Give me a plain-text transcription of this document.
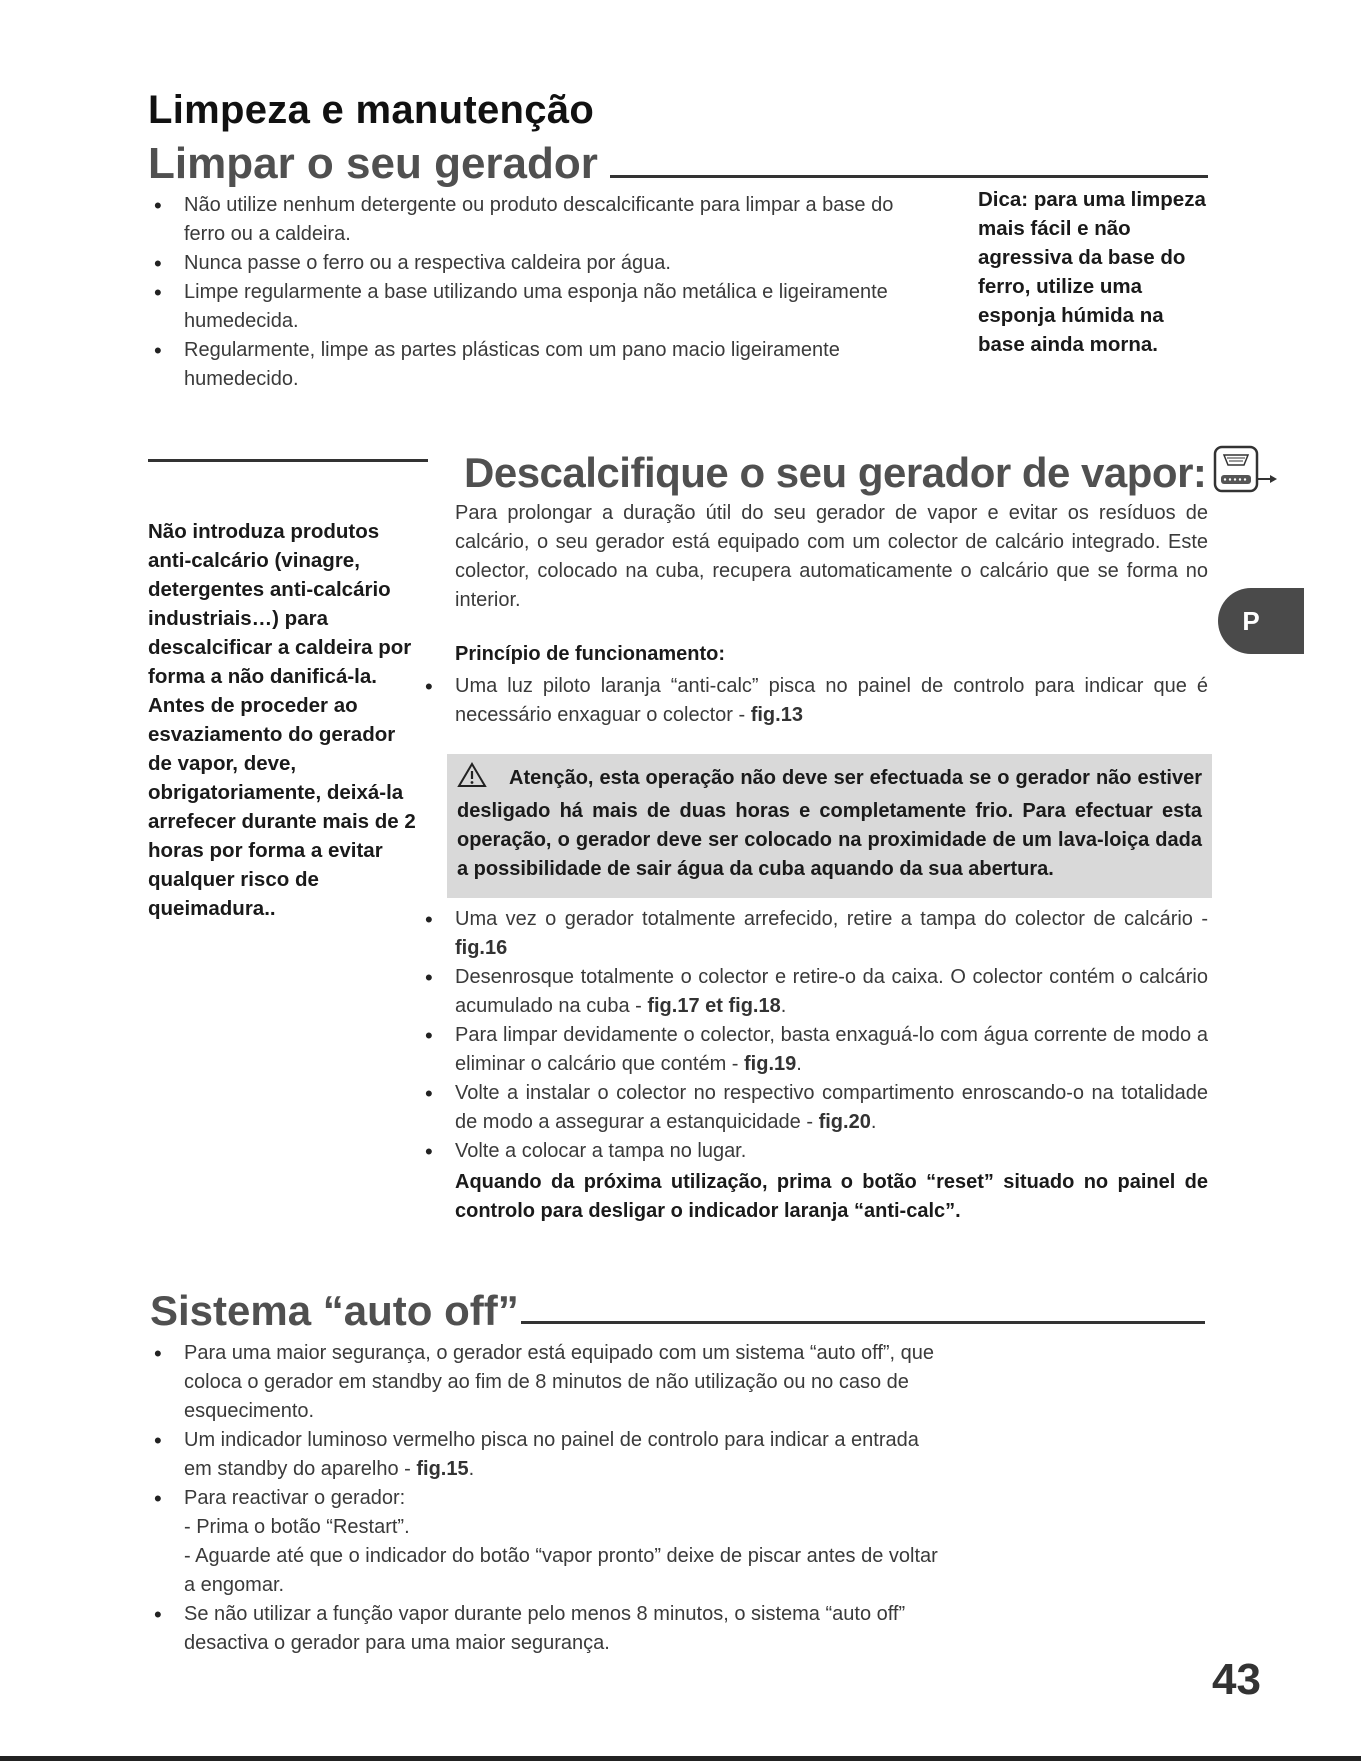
Limpeza e manutenção
Limpar o seu gerador
• Não utilize nenhum detergente ou produto descalcificante para limpar a base do ferro ou a caldeira.
• Nunca passe o ferro ou a respectiva caldeira por água.
• Limpe regularmente a base utilizando uma esponja não metálica e ligeiramente humedecida.
• Regularmente, limpe as partes plásticas com um pano macio ligeiramente humedecido.
Dica: para uma limpeza mais fácil e não agressiva da base do ferro, utilize uma esponja húmida na base ainda morna.
Descalcifique o seu gerador de vapor:
Não introduza produtos anti-calcário (vinagre, detergentes anti-calcário industriais…) para descalcificar a caldeira por forma a não danificá-la. Antes de proceder ao esvaziamento do gerador de vapor, deve, obrigatoriamente, deixá-la arrefecer durante mais de 2 horas por forma a evitar qualquer risco de queimadura..
Para prolongar a duração útil do seu gerador de vapor e evitar os resíduos de calcário, o seu gerador está equipado com um colector de calcário integrado. Este colector, colocado na cuba, recupera automaticamente o calcário que se forma no interior.
Princípio de funcionamento:
• Uma luz piloto laranja “anti-calc” pisca no painel de controlo para indicar que é necessário enxaguar o colector - fig.13
Atenção, esta operação não deve ser efectuada se o gerador não estiver desligado há mais de duas horas e completamente frio. Para efectuar esta operação, o gerador deve ser colocado na proximidade de um lava-loiça dada a possibilidade de sair água da cuba aquando da sua abertura.
• Uma vez o gerador totalmente arrefecido, retire a tampa do colector de calcário - fig.16
• Desenrosque totalmente o colector e retire-o da caixa. O colector contém o calcário acumulado na cuba - fig.17 et fig.18.
• Para limpar devidamente o colector, basta enxaguá-lo com água corrente de modo a eliminar o calcário que contém - fig.19.
• Volte a instalar o colector no respectivo compartimento enroscando-o na totalidade de modo a assegurar a estanquicidade - fig.20.
• Volte a colocar a tampa no lugar.
Aquando da próxima utilização, prima o botão “reset” situado no painel de controlo para desligar o indicador laranja “anti-calc”.
Sistema “auto off”
• Para uma maior segurança, o gerador está equipado com um sistema “auto off”, que coloca o gerador em standby ao fim de 8 minutos de não utilização ou no caso de esquecimento.
• Um indicador luminoso vermelho pisca no painel de controlo para indicar a entrada em standby do aparelho - fig.15.
• Para reactivar o gerador:
- Prima o botão “Restart”.
- Aguarde até que o indicador do botão “vapor pronto” deixe de piscar antes de voltar a engomar.
• Se não utilizar a função vapor durante pelo menos 8 minutos, o sistema “auto off” desactiva o gerador para uma maior segurança.
P
43
